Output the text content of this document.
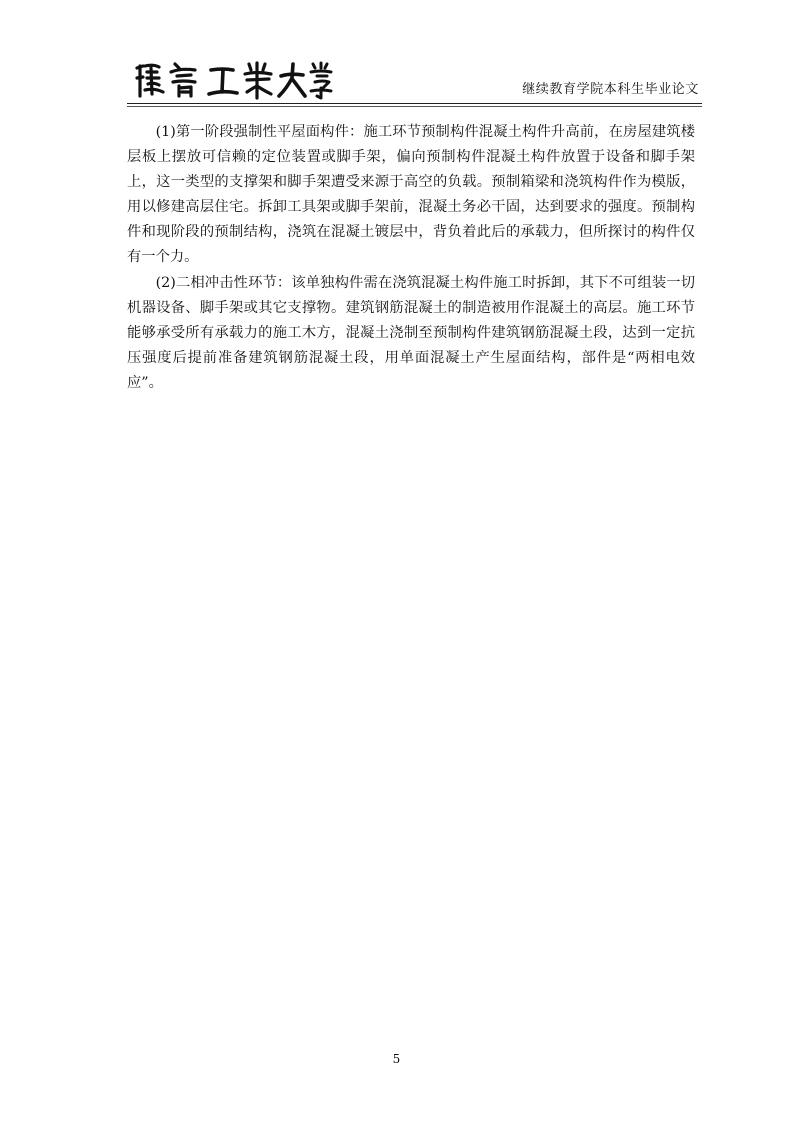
继续教育学院本科生毕业论文

(1)第一阶段强制性平屋面构件：施工环节预制构件混凝土构件升高前，在房屋建筑楼层板上摆放可信赖的定位装置或脚手架，偏向预制构件混凝土构件放置于设备和脚手架上，这一类型的支撑架和脚手架遭受来源于高空的负载。预制箱梁和浇筑构件作为模版，用以修建高层住宅。拆卸工具架或脚手架前，混凝土务必干固，达到要求的强度。预制构件和现阶段的预制结构，浇筑在混凝土镀层中，背负着此后的承载力，但所探讨的构件仅有一个力。

(2)二相冲击性环节：该单独构件需在浇筑混凝土构件施工时拆卸，其下不可组装一切机器设备、脚手架或其它支撑物。建筑钢筋混凝土的制造被用作混凝土的高层。施工环节能够承受所有承载力的施工木方，混凝土浇制至预制构件建筑钢筋混凝土段，达到一定抗压强度后提前准备建筑钢筋混凝土段，用单面混凝土产生屋面结构，部件是“两相电效应”。

5
